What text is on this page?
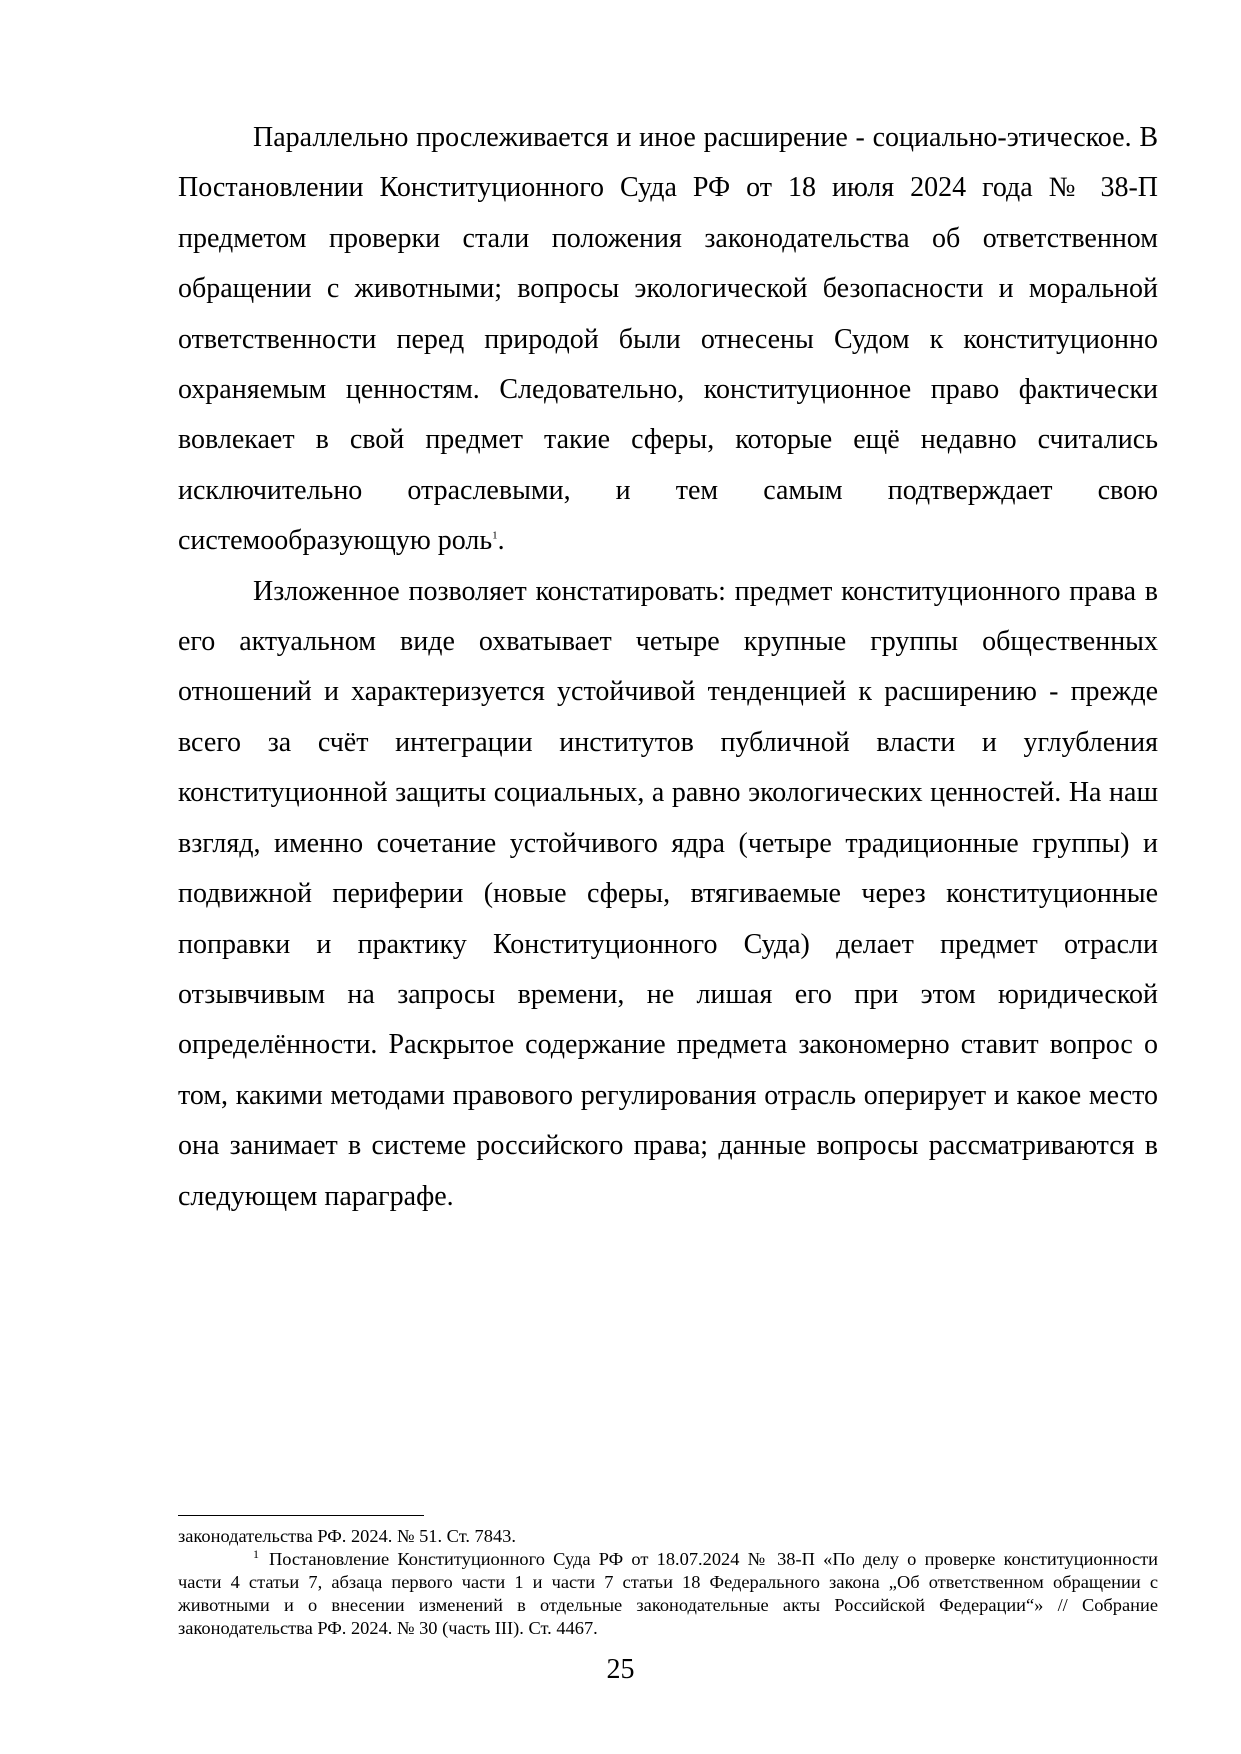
Параллельно прослеживается и иное расширение - социально-этическое. В Постановлении Конституционного Суда РФ от 18 июля 2024 года № 38-П предметом проверки стали положения законодательства об ответственном обращении с животными; вопросы экологической безопасности и моральной ответственности перед природой были отнесены Судом к конституционно охраняемым ценностям. Следовательно, конституционное право фактически вовлекает в свой предмет такие сферы, которые ещё недавно считались исключительно отраслевыми, и тем самым подтверждает свою системообразующую роль$^1$.

Изложенное позволяет констатировать: предмет конституционного права в его актуальном виде охватывает четыре крупные группы общественных отношений и характеризуется устойчивой тенденцией к расширению - прежде всего за счёт интеграции институтов публичной власти и углубления конституционной защиты социальных, а равно экологических ценностей. На наш взгляд, именно сочетание устойчивого ядра (четыре традиционные группы) и подвижной периферии (новые сферы, втягиваемые через конституционные поправки и практику Конституционного Суда) делает предмет отрасли отзывчивым на запросы времени, не лишая его при этом юридической определённости. Раскрытое содержание предмета закономерно ставит вопрос о том, какими методами правового регулирования отрасль оперирует и какое место она занимает в системе российского права; данные вопросы рассматриваются в следующем параграфе.

законодательства РФ. 2024. № 51. Ст. 7843.

$^1$ Постановление Конституционного Суда РФ от 18.07.2024 № 38-П «По делу о проверке конституционности части 4 статьи 7, абзаца первого части 1 и части 7 статьи 18 Федерального закона „Об ответственном обращении с животными и о внесении изменений в отдельные законодательные акты Российской Федерации“» // Собрание законодательства РФ. 2024. № 30 (часть III). Ст. 4467.

25
